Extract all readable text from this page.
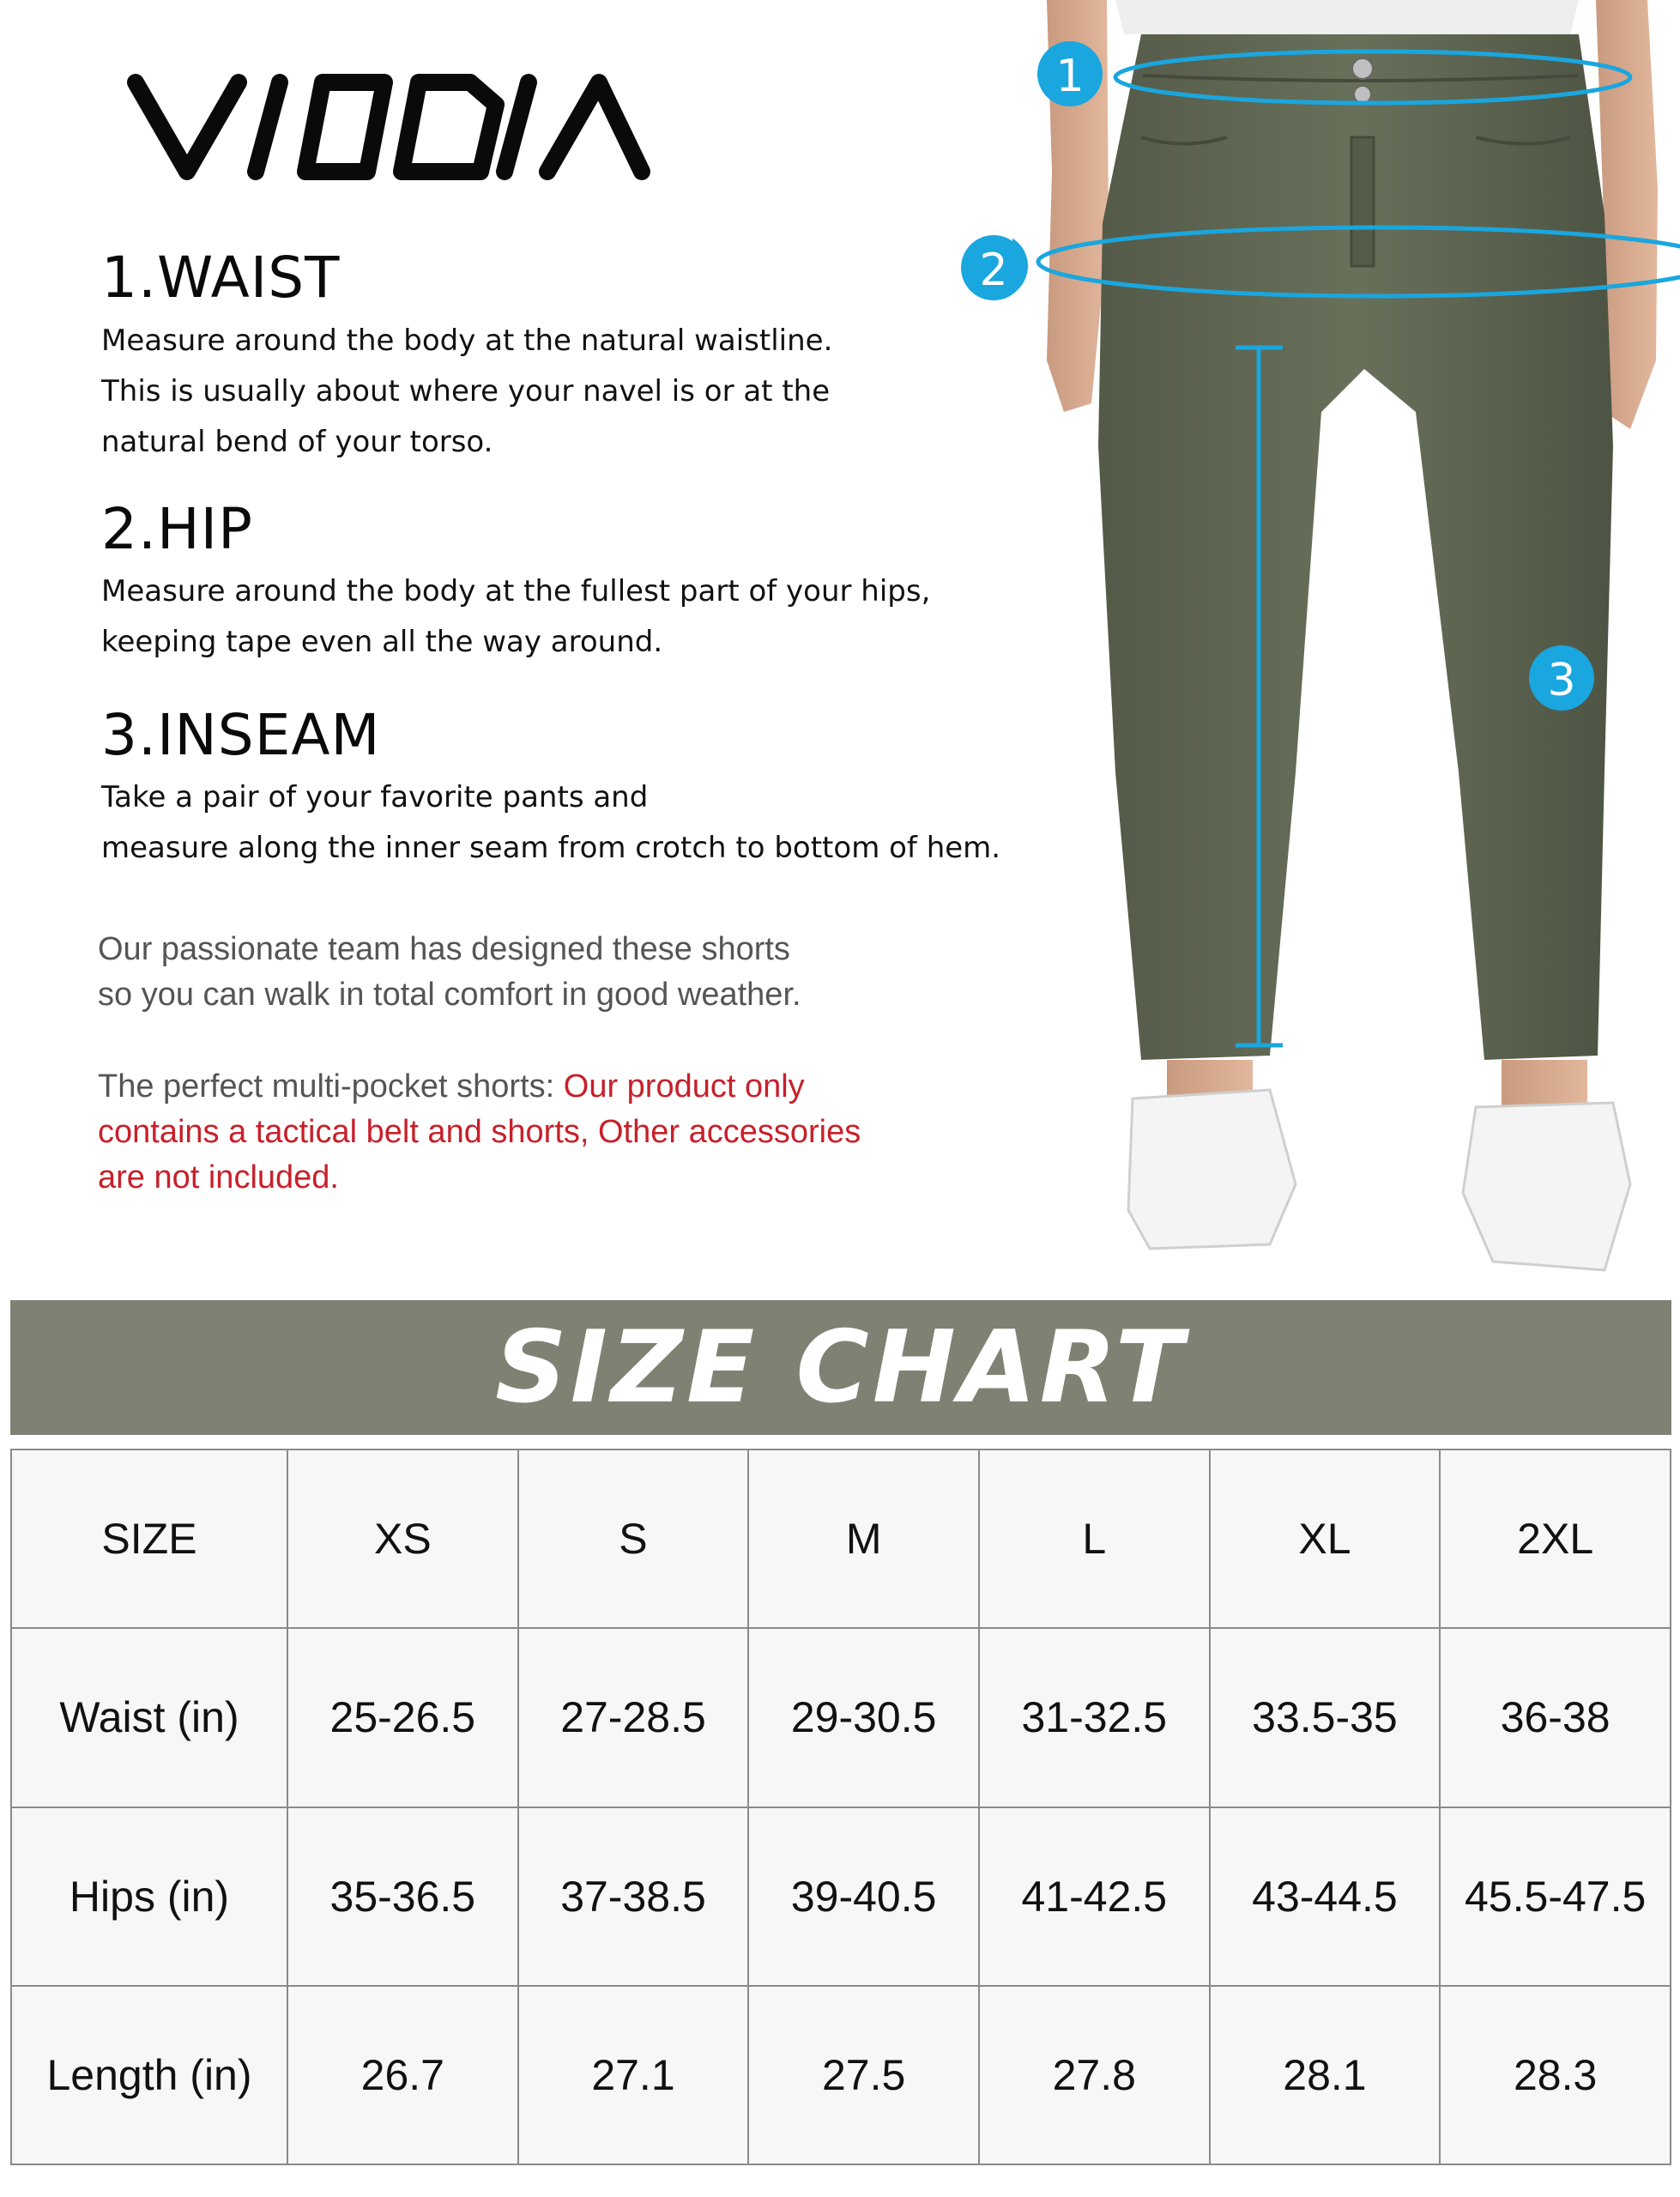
1.WAIST
Measure around the body at the natural waistline.
This is usually about where your navel is or at the
natural bend of your torso.
2.HIP
Measure around the body at the fullest part of your hips,
keeping tape even all the way around.
3.INSEAM
Take a pair of your favorite pants and
measure along the inner seam from crotch to bottom of hem.
Our passionate team has designed these shorts
so you can walk in total comfort in good weather.
The perfect multi-pocket shorts: Our product only
contains a tactical belt and shorts, Other accessories
are not included.
1
3
2
SIZE CHART
SIZE	XS	S	M	L	XL	2XL
Waist (in)	25-26.5	27-28.5	29-30.5	31-32.5	33.5-35	36-38
Hips (in)	35-36.5	37-38.5	39-40.5	41-42.5	43-44.5	45.5-47.5
Length (in)	26.7	27.1	27.5	27.8	28.1	28.3
